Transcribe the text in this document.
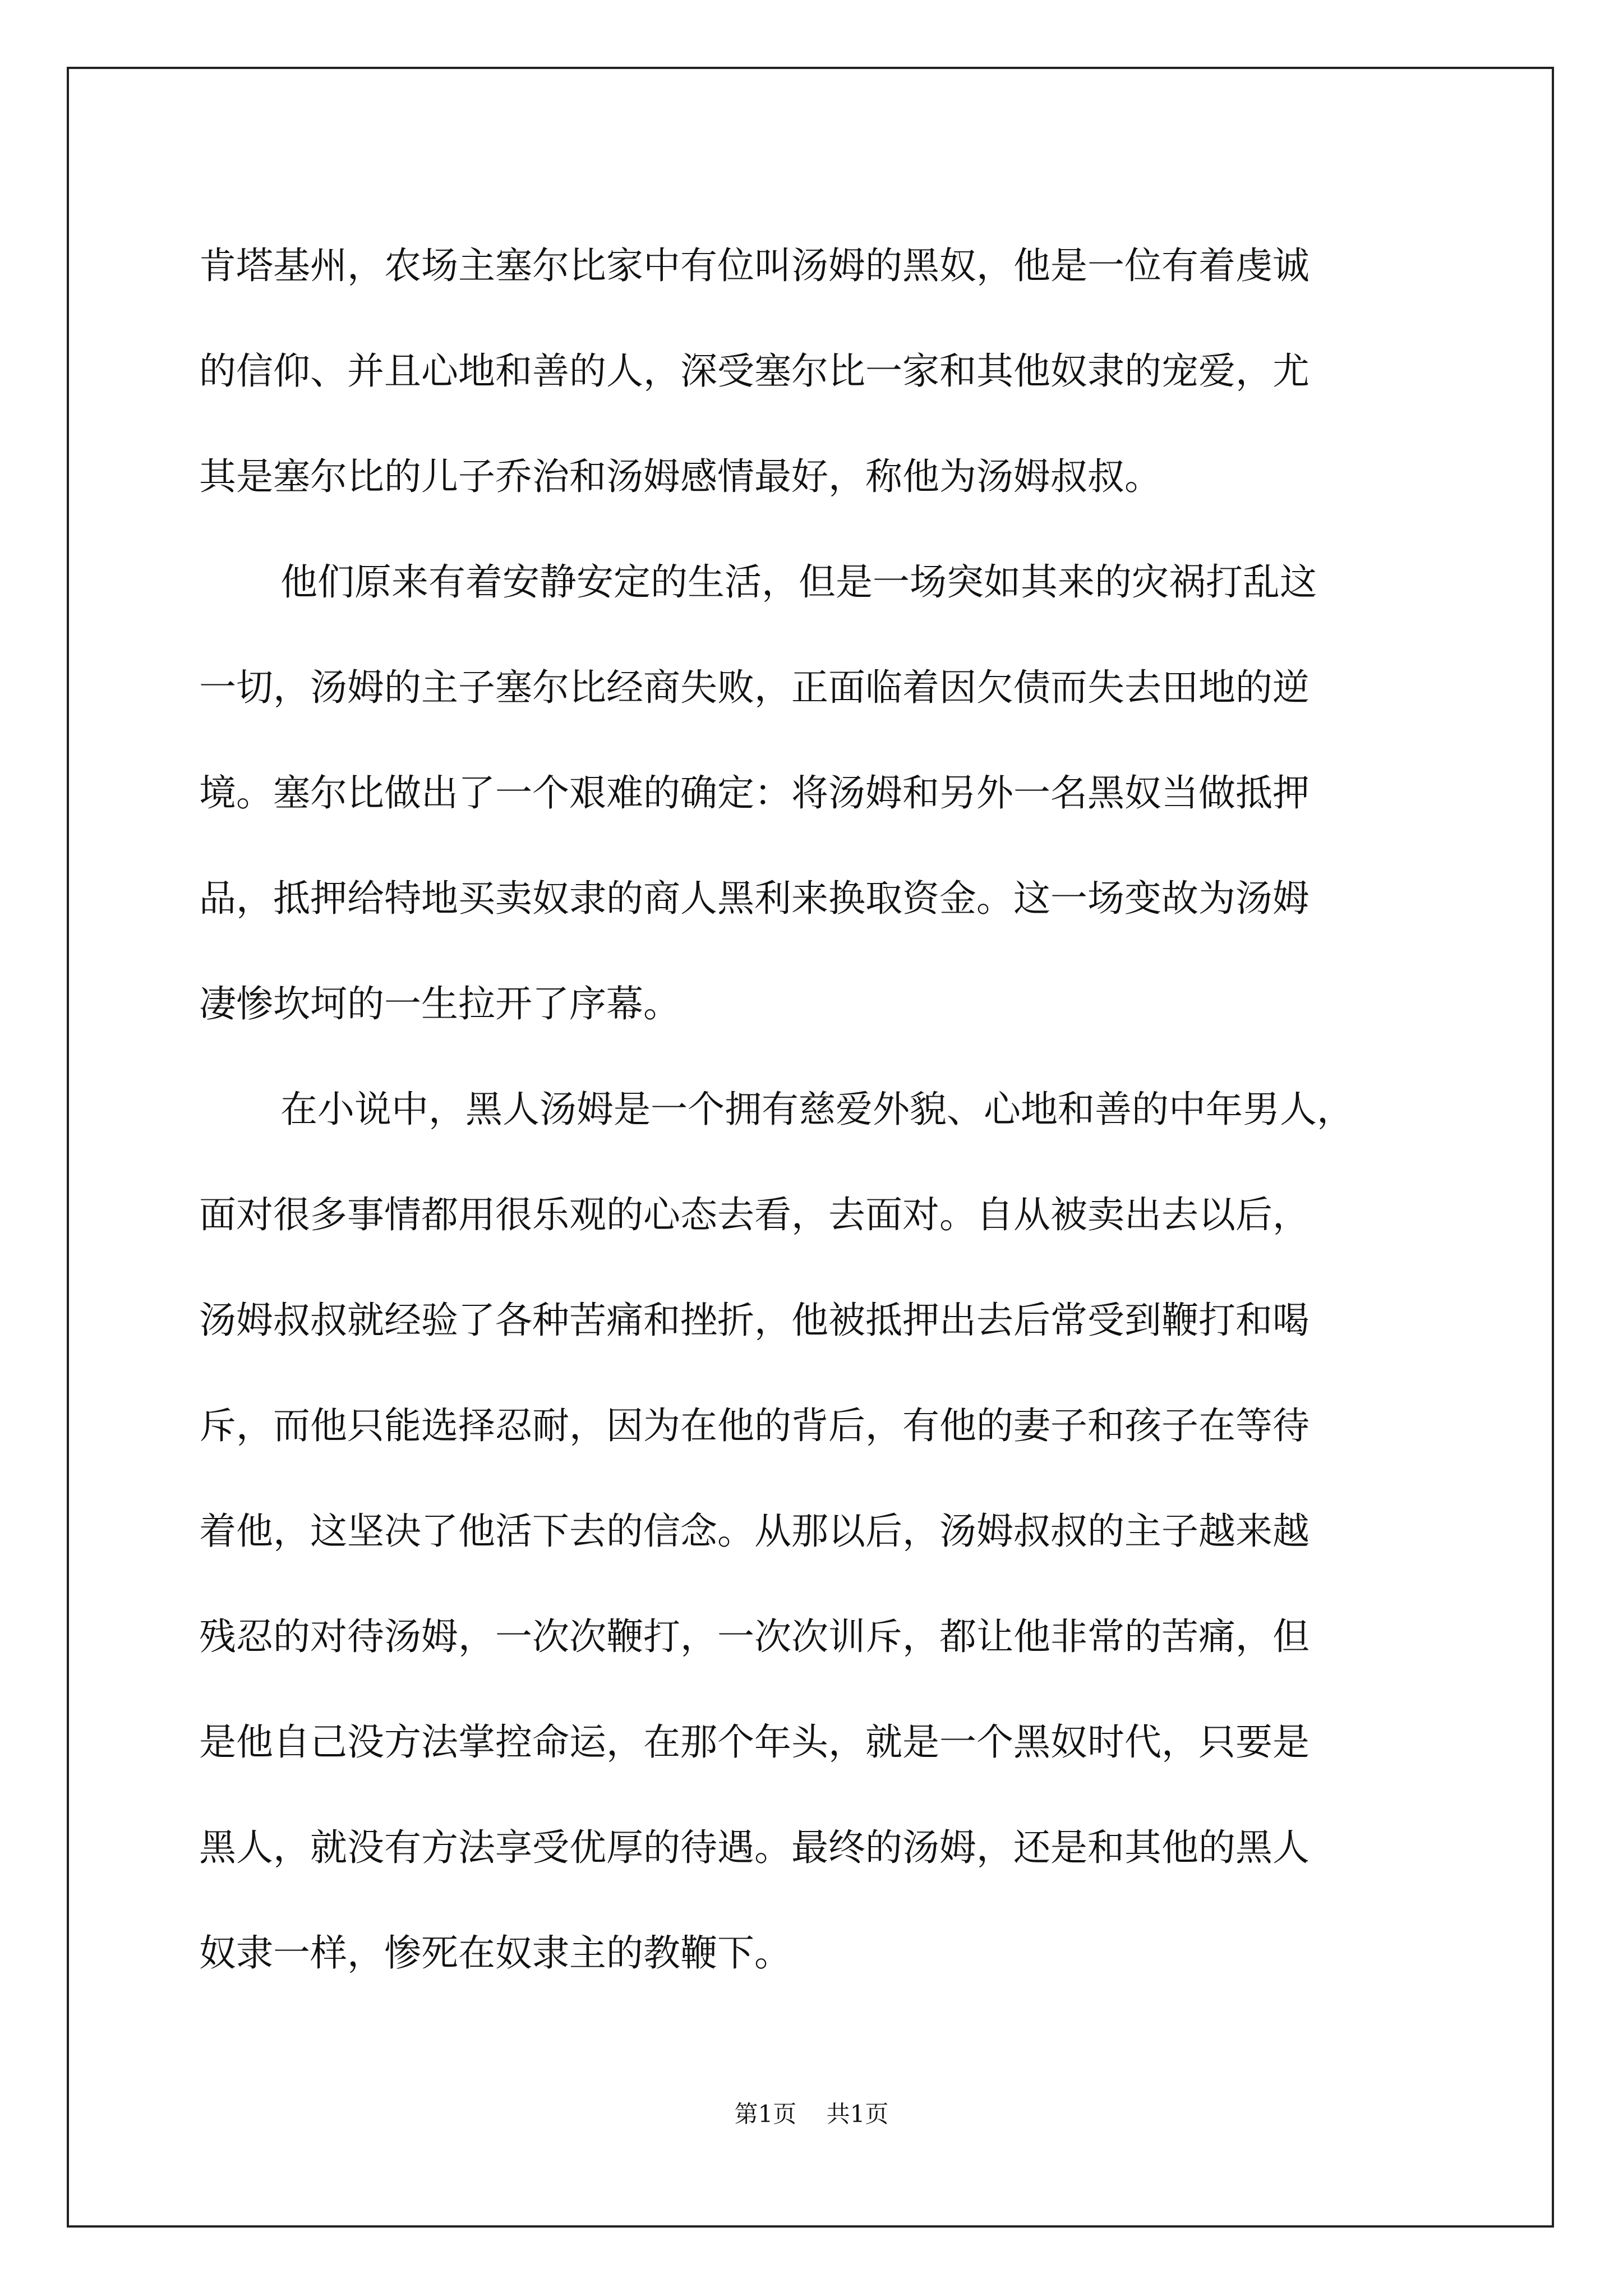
肯塔基州，农场主塞尔比家中有位叫汤姆的黑奴，他是一位有着虔诚
的信仰、并且心地和善的人，深受塞尔比一家和其他奴隶的宠爱，尤
其是塞尔比的儿子乔治和汤姆感情最好，称他为汤姆叔叔。
他们原来有着安静安定的生活，但是一场突如其来的灾祸打乱这
一切，汤姆的主子塞尔比经商失败，正面临着因欠债而失去田地的逆
境。塞尔比做出了一个艰难的确定：将汤姆和另外一名黑奴当做抵押
品，抵押给特地买卖奴隶的商人黑利来换取资金。这一场变故为汤姆
凄惨坎坷的一生拉开了序幕。
在小说中，黑人汤姆是一个拥有慈爱外貌、心地和善的中年男人，
面对很多事情都用很乐观的心态去看，去面对。自从被卖出去以后，
汤姆叔叔就经验了各种苦痛和挫折，他被抵押出去后常受到鞭打和喝
斥，而他只能选择忍耐，因为在他的背后，有他的妻子和孩子在等待
着他，这坚决了他活下去的信念。从那以后，汤姆叔叔的主子越来越
残忍的对待汤姆，一次次鞭打，一次次训斥，都让他非常的苦痛，但
是他自己没方法掌控命运，在那个年头，就是一个黑奴时代，只要是
黑人，就没有方法享受优厚的待遇。最终的汤姆，还是和其他的黑人
奴隶一样，惨死在奴隶主的教鞭下。
第1页 共1页
